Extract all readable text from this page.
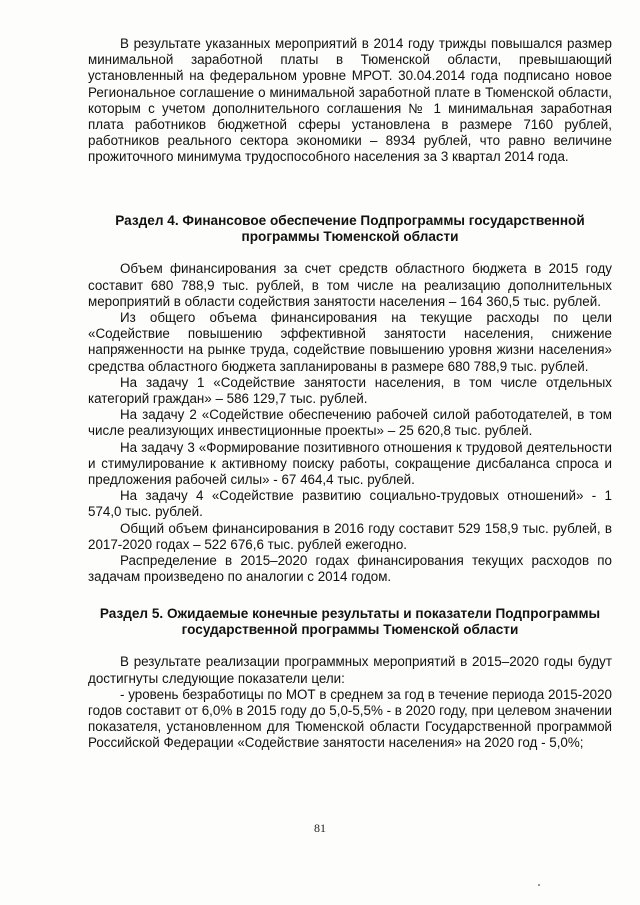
В результате указанных мероприятий в 2014 году трижды повышался размер минимальной заработной платы в Тюменской области, превышающий установленный на федеральном уровне МРОТ. 30.04.2014 года подписано новое Региональное соглашение о минимальной заработной плате в Тюменской области, которым с учетом дополнительного соглашения № 1 минимальная заработная плата работников бюджетной сферы установлена в размере 7160 рублей, работников реального сектора экономики – 8934 рублей, что равно величине прожиточного минимума трудоспособного населения за 3 квартал 2014 года.

Раздел 4. Финансовое обеспечение Подпрограммы государственной программы Тюменской области

Объем финансирования за счет средств областного бюджета в 2015 году составит 680 788,9 тыс. рублей, в том числе на реализацию дополнительных мероприятий в области содействия занятости населения – 164 360,5 тыс. рублей.

Из общего объема финансирования на текущие расходы по цели «Содействие повышению эффективной занятости населения, снижение напряженности на рынке труда, содействие повышению уровня жизни населения» средства областного бюджета запланированы в размере 680 788,9 тыс. рублей.

На задачу 1 «Содействие занятости населения, в том числе отдельных категорий граждан» – 586 129,7 тыс. рублей.

На задачу 2 «Содействие обеспечению рабочей силой работодателей, в том числе реализующих инвестиционные проекты» – 25 620,8 тыс. рублей.

На задачу 3 «Формирование позитивного отношения к трудовой деятельности и стимулирование к активному поиску работы, сокращение дисбаланса спроса и предложения рабочей силы» - 67 464,4 тыс. рублей.

На задачу 4 «Содействие развитию социально-трудовых отношений» - 1 574,0 тыс. рублей.

Общий объем финансирования в 2016 году составит 529 158,9 тыс. рублей, в 2017-2020 годах – 522 676,6 тыс. рублей ежегодно.

Распределение в 2015–2020 годах финансирования текущих расходов по задачам произведено по аналогии с 2014 годом.

Раздел 5. Ожидаемые конечные результаты и показатели Подпрограммы государственной программы Тюменской области

В результате реализации программных мероприятий в 2015–2020 годы будут достигнуты следующие показатели цели:

- уровень безработицы по МОТ в среднем за год в течение периода 2015-2020 годов составит от 6,0% в 2015 году до 5,0-5,5% - в 2020 году, при целевом значении показателя, установленном для Тюменской области Государственной программой Российской Федерации «Содействие занятости населения» на 2020 год - 5,0%;

81
